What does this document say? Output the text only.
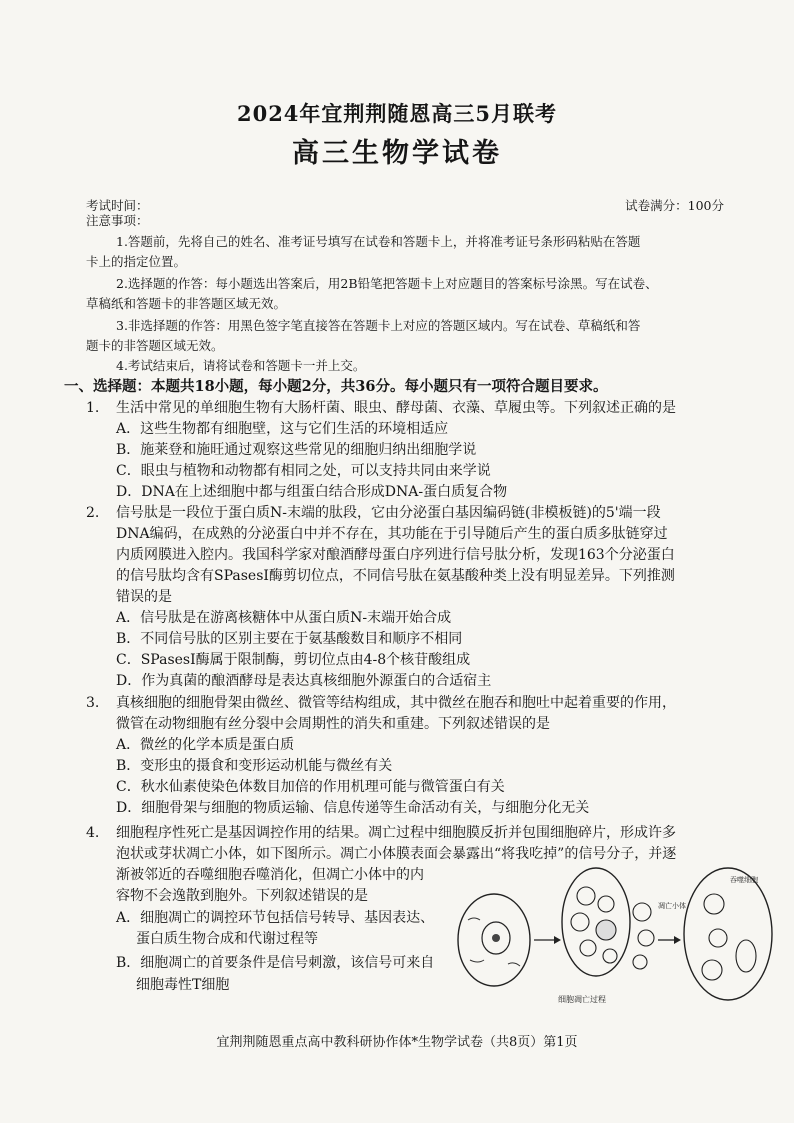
2024年宜荆荆随恩高三5月联考
高三生物学试卷
考试时间：	试卷满分：100分
注意事项：
1.答题前，先将自己的姓名、准考证号填写在试卷和答题卡上，并将准考证号条形码粘贴在答题
卡上的指定位置。
2.选择题的作答：每小题选出答案后，用2B铅笔把答题卡上对应题目的答案标号涂黑。写在试卷、
草稿纸和答题卡的非答题区域无效。
3.非选择题的作答：用黑色签字笔直接答在答题卡上对应的答题区域内。写在试卷、草稿纸和答
题卡的非答题区域无效。
4.考试结束后，请将试卷和答题卡一并上交。
一、选择题：本题共18小题，每小题2分，共36分。每小题只有一项符合题目要求。
1. 生活中常见的单细胞生物有大肠杆菌、眼虫、酵母菌、衣藻、草履虫等。下列叙述正确的是
A．这些生物都有细胞壁，这与它们生活的环境相适应
B．施莱登和施旺通过观察这些常见的细胞归纳出细胞学说
C．眼虫与植物和动物都有相同之处，可以支持共同由来学说
D．DNA在上述细胞中都与组蛋白结合形成DNA-蛋白质复合物
2. 信号肽是一段位于蛋白质N-末端的肽段，它由分泌蛋白基因编码链(非模板链)的5'端一段
DNA编码，在成熟的分泌蛋白中并不存在，其功能在于引导随后产生的蛋白质多肽链穿过
内质网膜进入腔内。我国科学家对酿酒酵母蛋白序列进行信号肽分析，发现163个分泌蛋白
的信号肽均含有SPasesI酶剪切位点，不同信号肽在氨基酸种类上没有明显差异。下列推测
错误的是
A．信号肽是在游离核糖体中从蛋白质N-末端开始合成
B．不同信号肽的区别主要在于氨基酸数目和顺序不相同
C．SPasesI酶属于限制酶，剪切位点由4-8个核苷酸组成
D．作为真菌的酿酒酵母是表达真核细胞外源蛋白的合适宿主
3. 真核细胞的细胞骨架由微丝、微管等结构组成，其中微丝在胞吞和胞吐中起着重要的作用，
微管在动物细胞有丝分裂中会周期性的消失和重建。下列叙述错误的是
A．微丝的化学本质是蛋白质
B．变形虫的摄食和变形运动机能与微丝有关
C．秋水仙素使染色体数目加倍的作用机理可能与微管蛋白有关
D．细胞骨架与细胞的物质运输、信息传递等生命活动有关，与细胞分化无关
4. 细胞程序性死亡是基因调控作用的结果。凋亡过程中细胞膜反折并包围细胞碎片，形成许多
泡状或芽状凋亡小体，如下图所示。凋亡小体膜表面会暴露出“将我吃掉”的信号分子，并逐
渐被邻近的吞噬细胞吞噬消化，但凋亡小体中的内
容物不会逸散到胞外。下列叙述错误的是
A．细胞凋亡的调控环节包括信号转导、基因表达、
蛋白质生物合成和代谢过程等
B．细胞凋亡的首要条件是信号刺激，该信号可来自
细胞毒性T细胞
凋亡小体
吞噬细胞
细胞凋亡过程
宜荆荆随恩重点高中教科研协作体*生物学试卷（共8页）第1页
